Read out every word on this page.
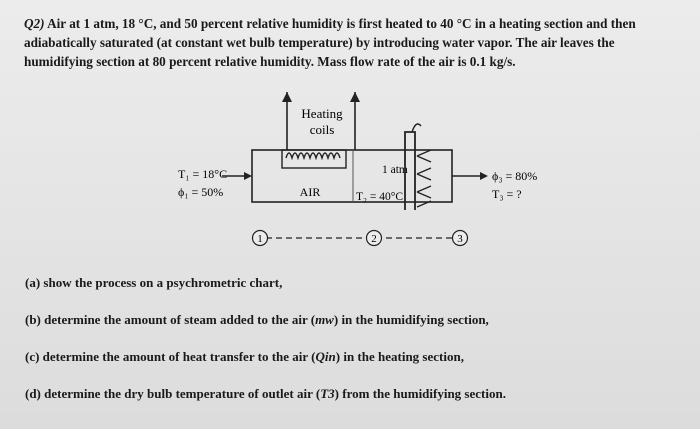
Q2) Air at 1 atm, 18 °C, and 50 percent relative humidity is first heated to 40 °C in a heating section and then adiabatically saturated (at constant wet bulb temperature) by introducing water vapor. The air leaves the humidifying section at 80 percent relative humidity. Mass flow rate of the air is 0.1 kg/s.
Heating
coils
1 atm
AIR	T₂ = 40°C
T₁ = 18°C
ϕ₁ = 50%
ϕ₃ = 80%
T₃ = ?
1	2	3
(a) show the process on a psychrometric chart,
(b) determine the amount of steam added to the air (mw) in the humidifying section,
(c) determine the amount of heat transfer to the air (Qin) in the heating section,
(d) determine the dry bulb temperature of outlet air (T3) from the humidifying section.
